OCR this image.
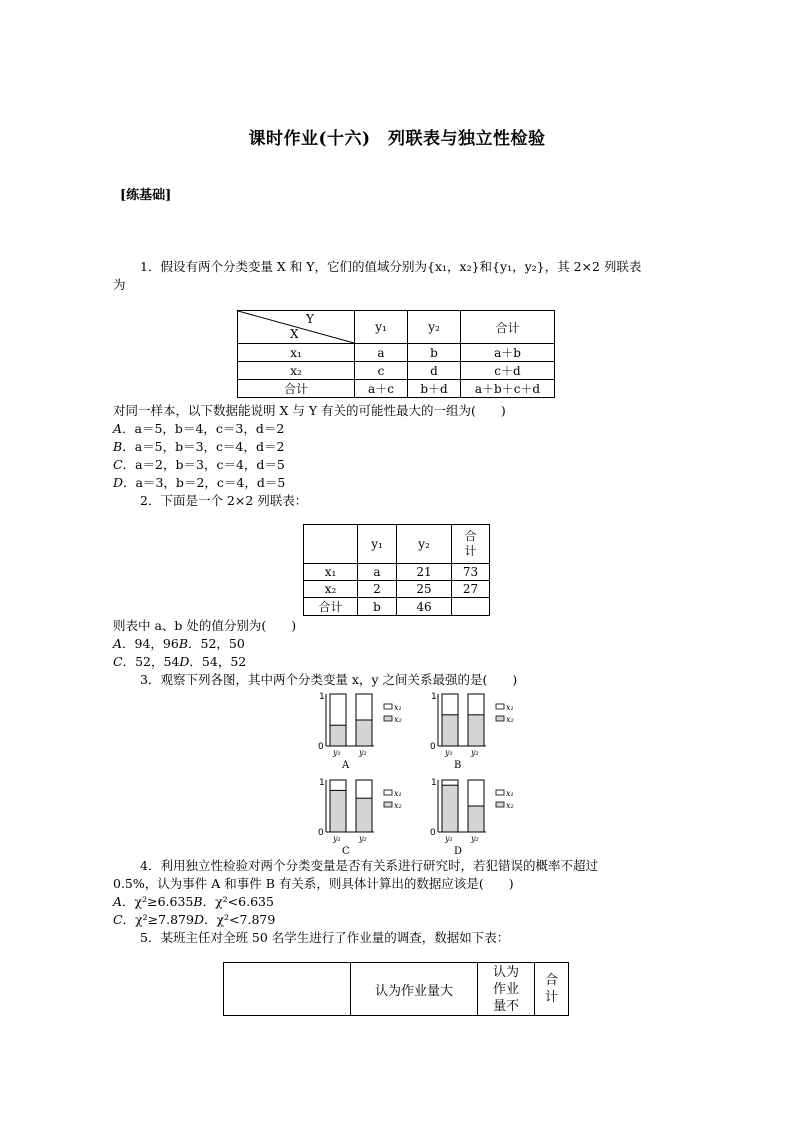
课时作业(十六)　列联表与独立性检验
[练基础]
1．假设有两个分类变量 X 和 Y，它们的值域分别为{x₁，x₂}和{y₁，y₂}，其 2×2 列联表
为
Y
X	y₁	y₂	合计
x₁	a	b	a＋b
x₂	c	d	c＋d
合计	a＋c	b＋d	a＋b＋c＋d
对同一样本，以下数据能说明 X 与 Y 有关的可能性最大的一组为(　　)
A．a＝5，b＝4，c＝3，d＝2
B．a＝5，b＝3，c＝4，d＝2
C．a＝2，b＝3，c＝4，d＝5
D．a＝3，b＝2，c＝4，d＝5
2．下面是一个 2×2 列联表：
	y₁	y₂	合
计
x₁	a	21	73
x₂	2	25	27
合计	b	46	
则表中 a、b 处的值分别为(　　)
A．94，96B．52，50
C．52，54D．54，52
3．观察下列各图，其中两个分类变量 x，y 之间关系最强的是(　　)
1
0
y₁ y₂
x₁
x₂
A
1
0
y₁ y₂
x₁
x₂
B
1
0
y₁ y₂
x₁
x₂
C
1
0
y₁ y₂
x₁
x₂
D
4．利用独立性检验对两个分类变量是否有关系进行研究时，若犯错误的概率不超过
0.5%，认为事件 A 和事件 B 有关系，则具体计算出的数据应该是(　　)
A．χ²≥6.635B．χ²<6.635
C．χ²≥7.879D．χ²<7.879
5．某班主任对全班 50 名学生进行了作业量的调查，数据如下表：
	认为作业量大	认为
作业
量不	合
计
